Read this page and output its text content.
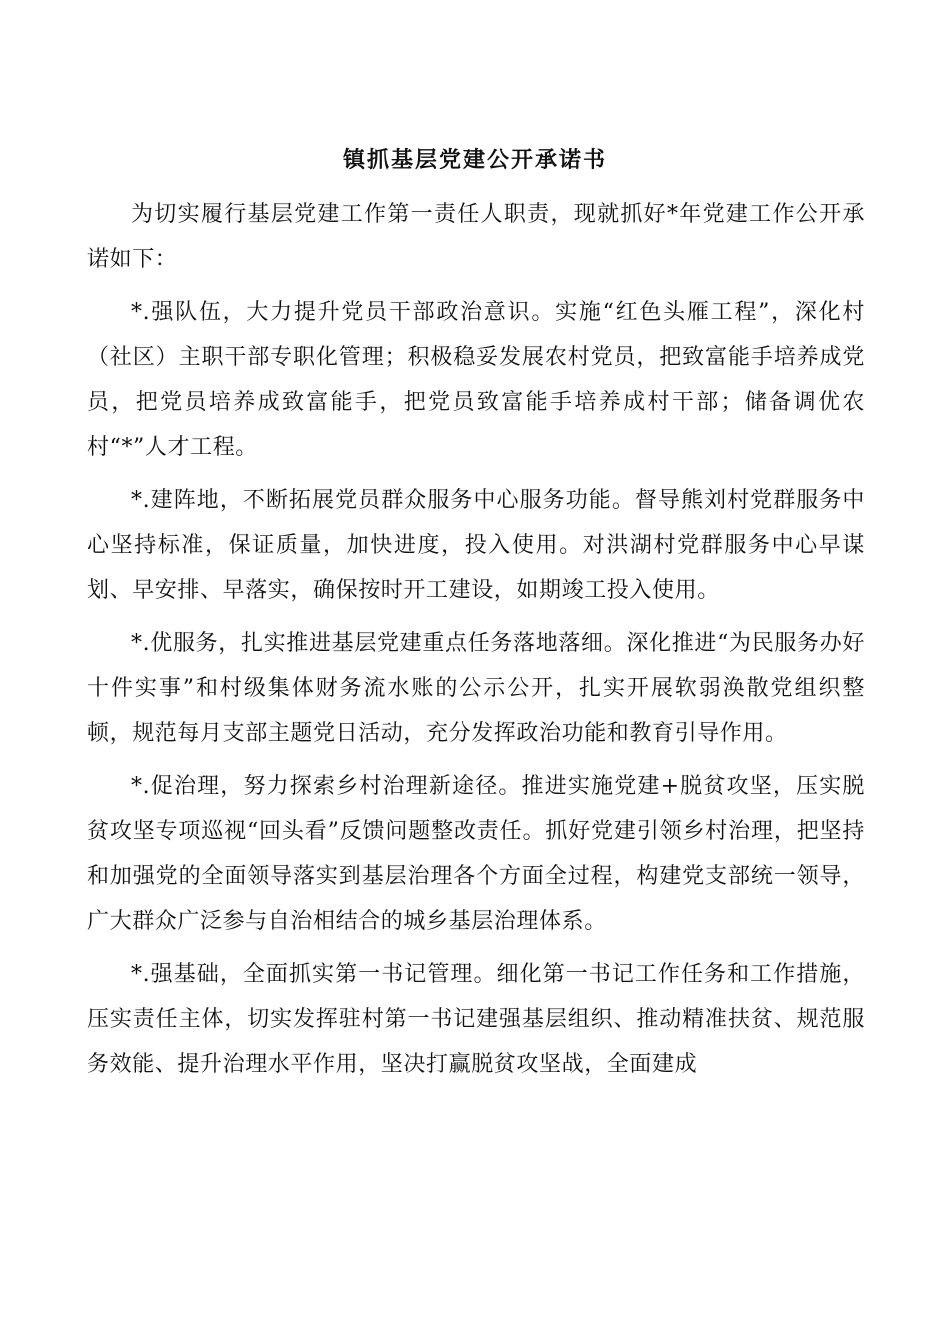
镇抓基层党建公开承诺书

为切实履行基层党建工作第一责任人职责，现就抓好*年党建工作公开承诺如下：

*.强队伍，大力提升党员干部政治意识。实施“红色头雁工程”，深化村（社区）主职干部专职化管理；积极稳妥发展农村党员，把致富能手培养成党员，把党员培养成致富能手，把党员致富能手培养成村干部；储备调优农村“*”人才工程。

*.建阵地，不断拓展党员群众服务中心服务功能。督导熊刘村党群服务中心坚持标准，保证质量，加快进度，投入使用。对洪湖村党群服务中心早谋划、早安排、早落实，确保按时开工建设，如期竣工投入使用。

*.优服务，扎实推进基层党建重点任务落地落细。深化推进“为民服务办好十件实事”和村级集体财务流水账的公示公开，扎实开展软弱涣散党组织整顿，规范每月支部主题党日活动，充分发挥政治功能和教育引导作用。

*.促治理，努力探索乡村治理新途径。推进实施党建+脱贫攻坚，压实脱贫攻坚专项巡视“回头看”反馈问题整改责任。抓好党建引领乡村治理，把坚持和加强党的全面领导落实到基层治理各个方面全过程，构建党支部统一领导，广大群众广泛参与自治相结合的城乡基层治理体系。

*.强基础，全面抓实第一书记管理。细化第一书记工作任务和工作措施，压实责任主体，切实发挥驻村第一书记建强基层组织、推动精准扶贫、规范服务效能、提升治理水平作用，坚决打赢脱贫攻坚战，全面建成
